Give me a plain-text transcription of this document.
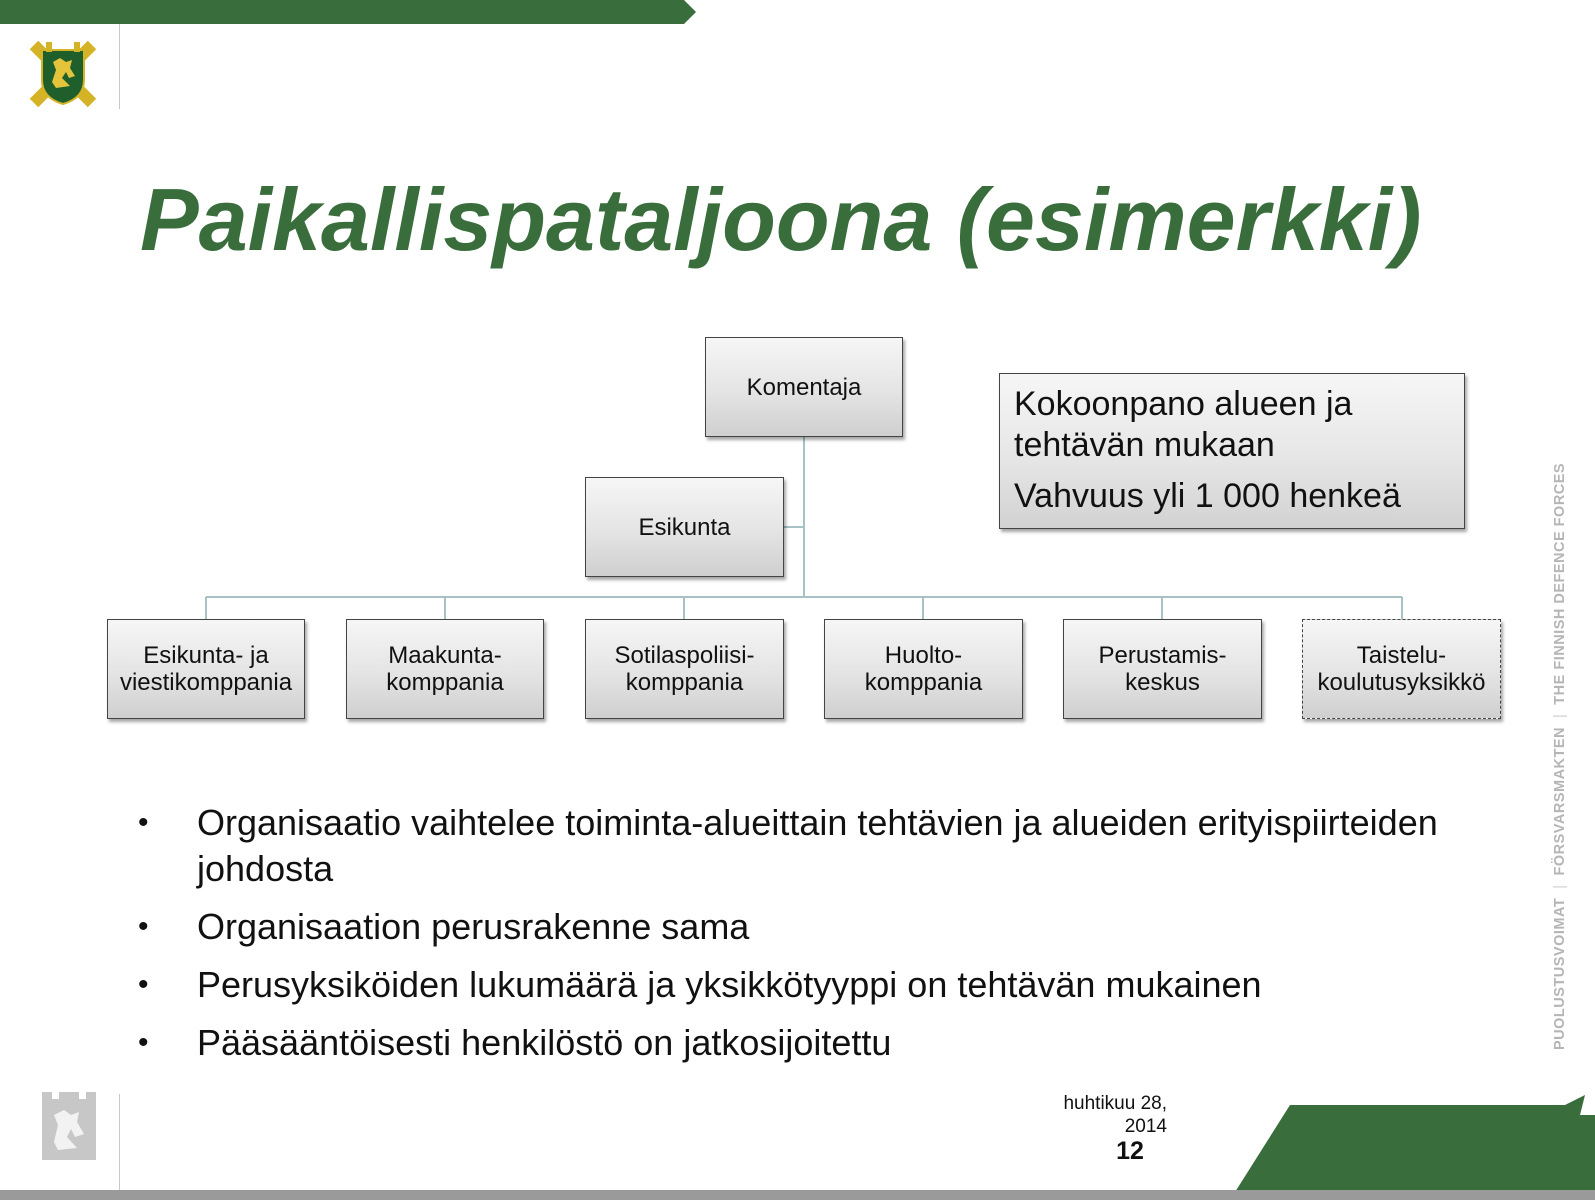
Paikallispataljoona (esimerkki)
Komentaja
Esikunta
Esikunta- ja
viestikomppania
Maakunta-
komppania
Sotilaspoliisi-
komppania
Huolto-
komppania
Perustamis-
keskus
Taistelu-
koulutusyksikkö
Kokoonpano alueen ja tehtävän mukaan
Vahvuus yli 1 000 henkeä
• Organisaatio vaihtelee toiminta-alueittain tehtävien ja alueiden erityispiirteiden johdosta
• Organisaation perusrakenne sama
• Perusyksiköiden lukumäärä ja yksikkötyyppi on tehtävän mukainen
• Pääsääntöisesti henkilöstö on jatkosijoitettu	PUOLUSTUSVOIMAT|FÖRSVARSMAKTEN|THE FINNISH DEFENCE FORCES
huhtikuu 28,
2014
12
